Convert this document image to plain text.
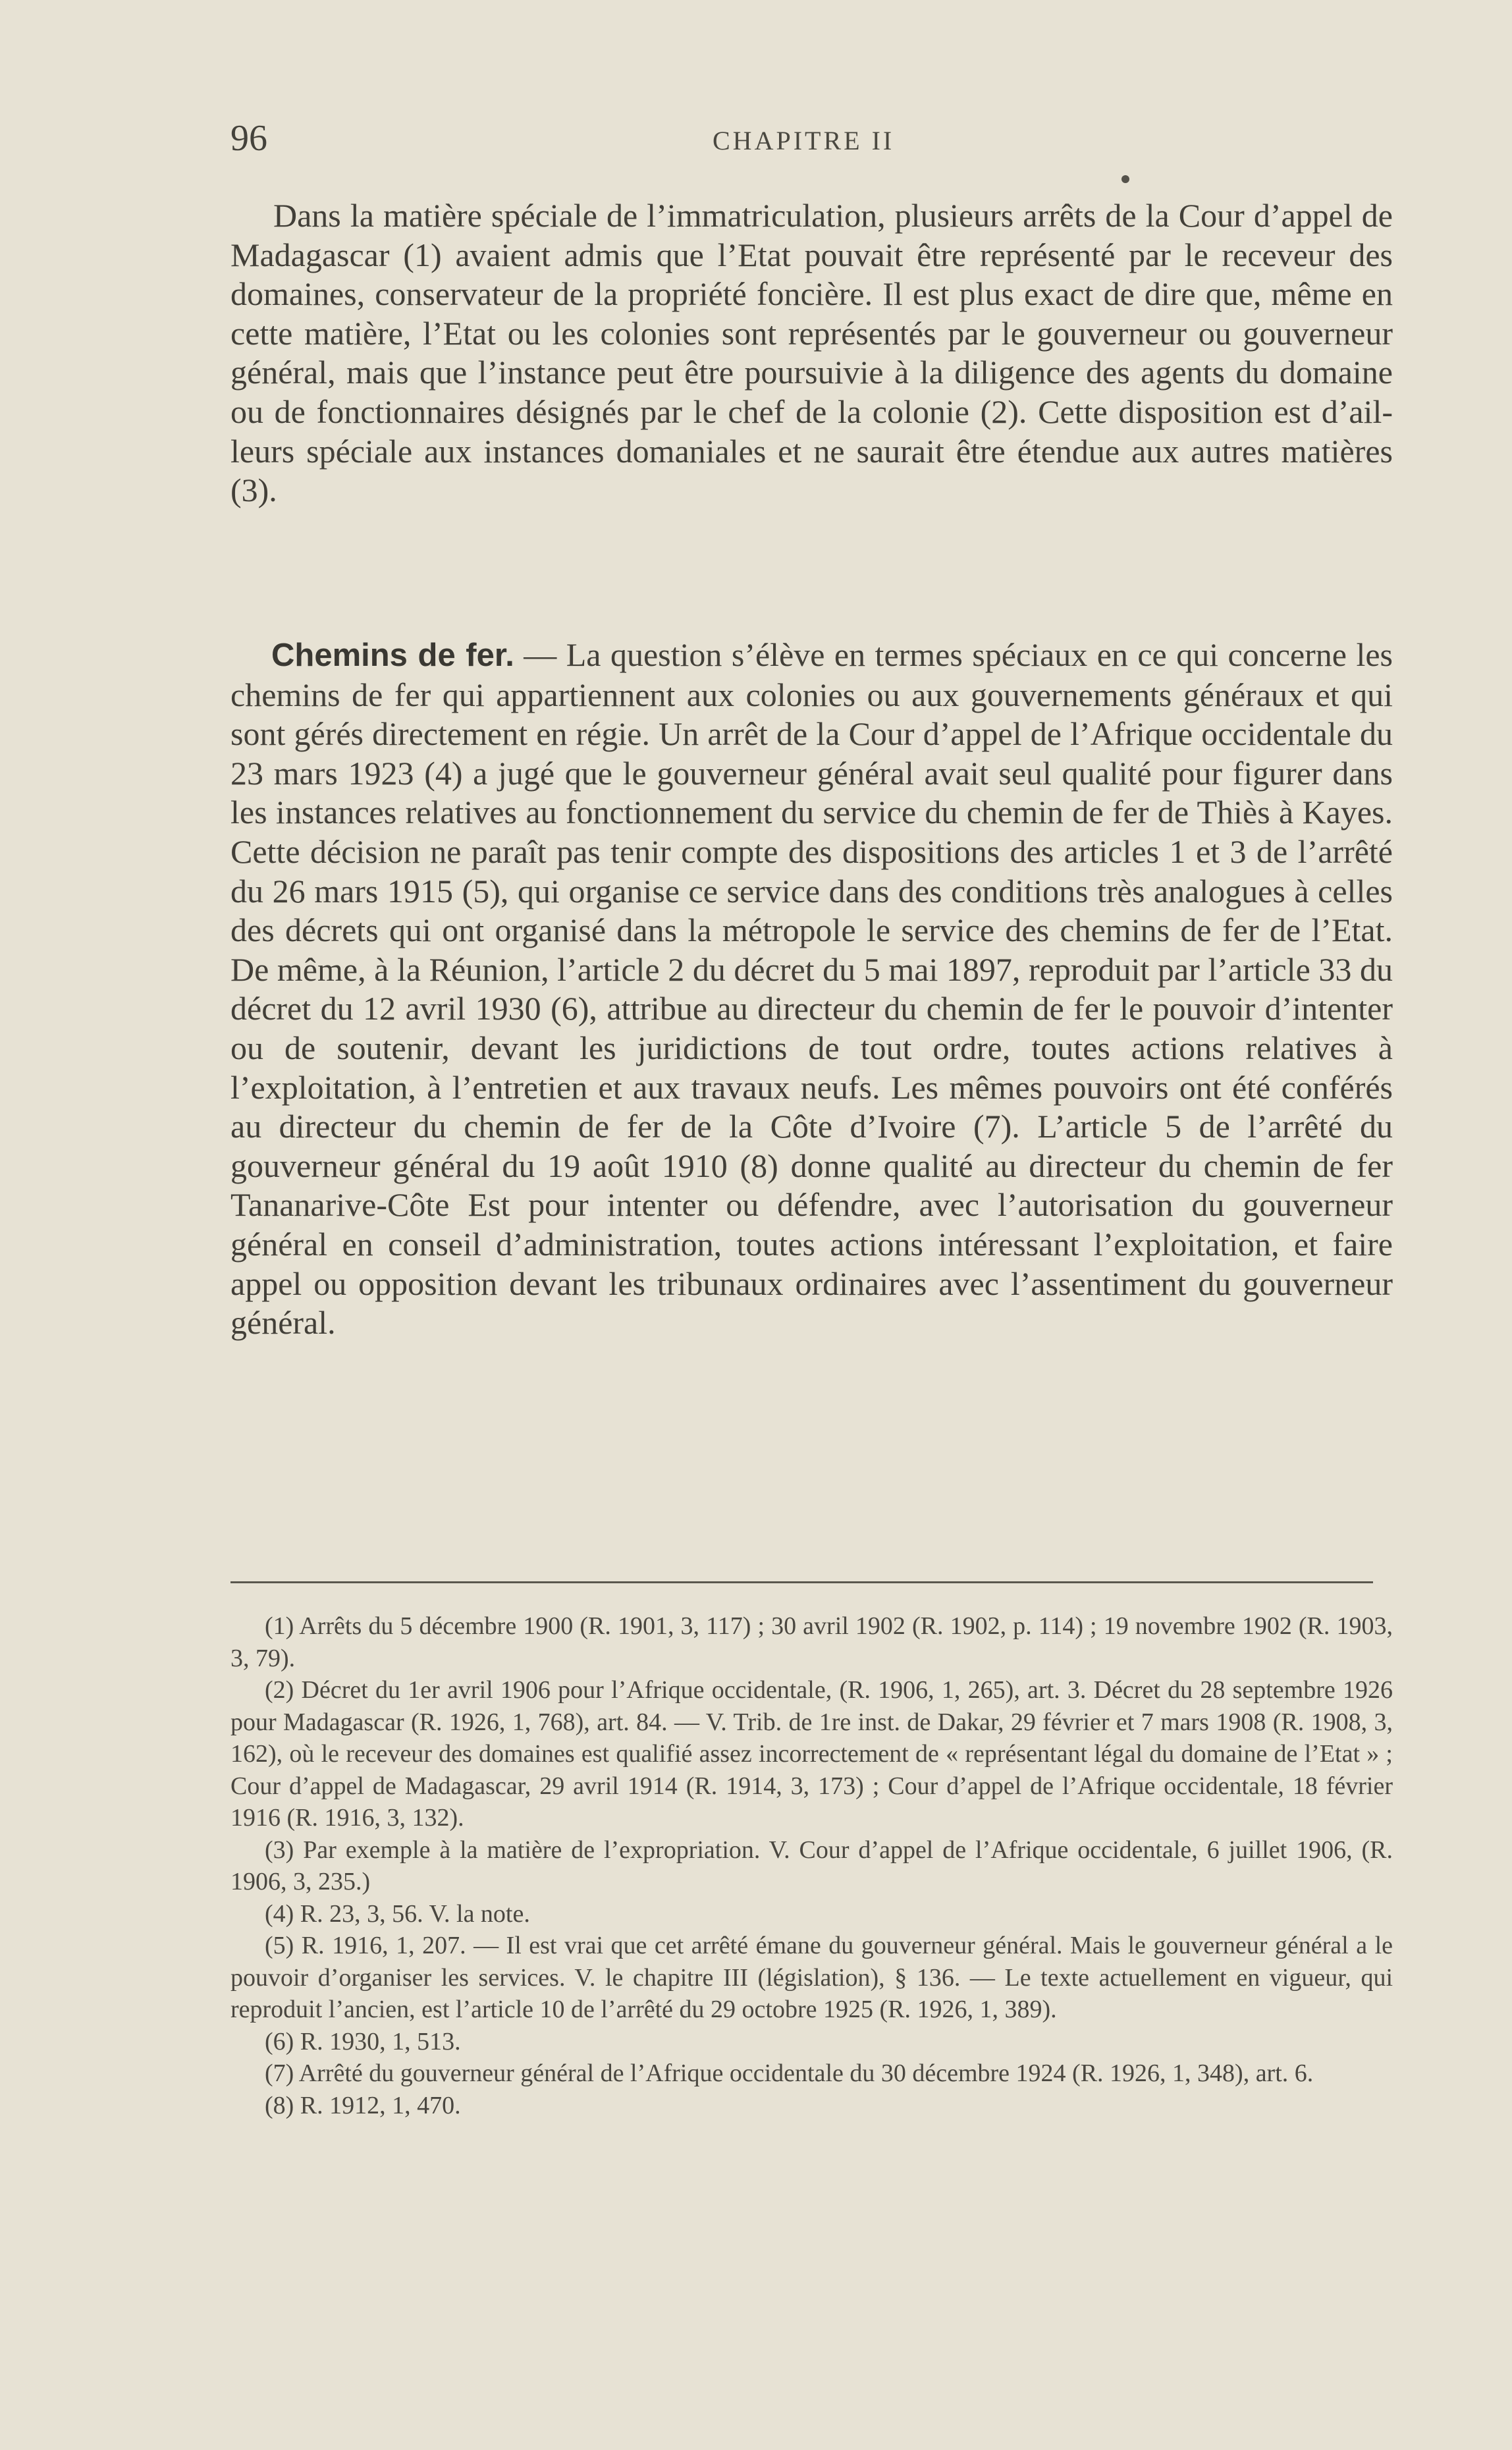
96	CHAPITRE II

Dans la matière spéciale de l’immatriculation, plusieurs arrêts de la Cour d’appel de Madagascar (1) avaient admis que l’Etat pouvait être représenté par le receveur des domaines, conservateur de la propriété foncière. Il est plus exact de dire que, même en cette matière, l’Etat ou les colonies sont représentés par le gouverneur ou gouverneur général, mais que l’instance peut être poursuivie à la diligence des agents du domaine ou de fonctionnaires désignés par le chef de la colonie (2). Cette disposition est d’ailleurs spéciale aux instances domaniales et ne saurait être étendue aux autres matières (3).

Chemins de fer. — La question s’élève en termes spéciaux en ce qui concerne les chemins de fer qui appartiennent aux colonies ou aux gouvernements généraux et qui sont gérés directement en régie. Un arrêt de la Cour d’appel de l’Afrique occidentale du 23 mars 1923 (4) a jugé que le gouverneur général avait seul qualité pour figurer dans les instances relatives au fonctionnement du service du chemin de fer de Thiès à Kayes. Cette décision ne paraît pas tenir compte des dispositions des articles 1 et 3 de l’arrêté du 26 mars 1915 (5), qui organise ce service dans des conditions très analogues à celles des décrets qui ont organisé dans la métropole le service des chemins de fer de l’Etat. De même, à la Réunion, l’article 2 du décret du 5 mai 1897, reproduit par l’article 33 du décret du 12 avril 1930 (6), attribue au directeur du chemin de fer le pouvoir d’intenter ou de soutenir, devant les juridictions de tout ordre, toutes actions relatives à l’exploitation, à l’entretien et aux travaux neufs. Les mêmes pouvoirs ont été conférés au directeur du chemin de fer de la Côte d’Ivoire (7). L’article 5 de l’arrêté du gouverneur général du 19 août 1910 (8) donne qualité au directeur du chemin de fer Tananarive-Côte Est pour intenter ou défendre, avec l’autorisation du gouverneur général en conseil d’administration, toutes actions intéressant l’exploitation, et faire appel ou opposition devant les tribunaux ordinaires avec l’assentiment du gouverneur général.

(1) Arrêts du 5 décembre 1900 (R. 1901, 3, 117) ; 30 avril 1902 (R. 1902, p. 114) ; 19 novembre 1902 (R. 1903, 3, 79).
(2) Décret du 1er avril 1906 pour l’Afrique occidentale, (R. 1906, 1, 265), art. 3. Décret du 28 septembre 1926 pour Madagascar (R. 1926, 1, 768), art. 84. — V. Trib. de 1re inst. de Dakar, 29 février et 7 mars 1908 (R. 1908, 3, 162), où le receveur des domaines est qualifié assez incorrectement de « représentant légal du domaine de l’Etat » ; Cour d’appel de Madagascar, 29 avril 1914 (R. 1914, 3, 173) ; Cour d’appel de l’Afrique occidentale, 18 février 1916 (R. 1916, 3, 132).
(3) Par exemple à la matière de l’expropriation. V. Cour d’appel de l’Afrique occidentale, 6 juillet 1906, (R. 1906, 3, 235.)
(4) R. 23, 3, 56. V. la note.
(5) R. 1916, 1, 207. — Il est vrai que cet arrêté émane du gouverneur général. Mais le gouverneur général a le pouvoir d’organiser les services. V. le chapitre III (législation), § 136. — Le texte actuellement en vigueur, qui reproduit l’ancien, est l’article 10 de l’arrêté du 29 octobre 1925 (R. 1926, 1, 389).
(6) R. 1930, 1, 513.
(7) Arrêté du gouverneur général de l’Afrique occidentale du 30 décembre 1924 (R. 1926, 1, 348), art. 6.
(8) R. 1912, 1, 470.
